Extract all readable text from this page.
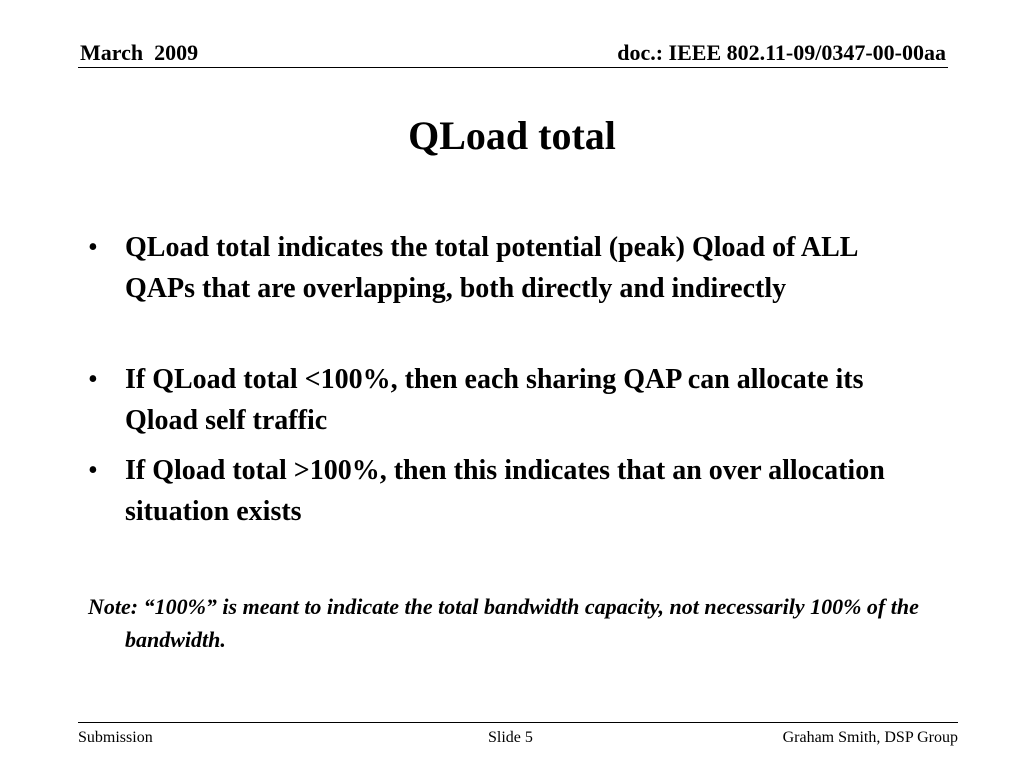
March  2009	doc.: IEEE 802.11-09/0347-00-00aa
QLoad total
• QLoad total indicates the total potential (peak) Qload of ALL QAPs that are overlapping, both directly and indirectly
• If QLoad total <100%, then each sharing QAP can allocate its Qload self traffic
• If Qload total >100%, then this indicates that an over allocation situation exists
Note: “100%” is meant to indicate the total bandwidth capacity, not necessarily 100% of the bandwidth.
Submission	Slide 5	Graham Smith, DSP Group
